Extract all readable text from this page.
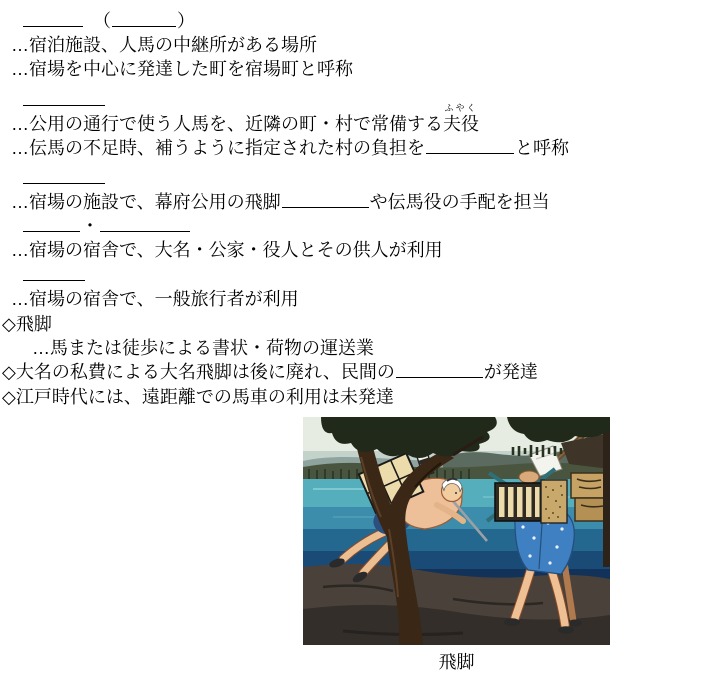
　（	）
…宿泊施設、人馬の中継所がある場所
…宿場を中心に発達した町を宿場町と呼称
…公用の通行で使う人馬を、近隣の町・村で常備する夫役
ふやく
…伝馬の不足時、補うように指定された村の負担を	と呼称
…宿場の施設で、幕府公用の飛脚	や伝馬役の手配を担当
・
…宿場の宿舎で、大名・公家・役人とその供人が利用
…宿場の宿舎で、一般旅行者が利用
◇飛脚
…馬または徒歩による書状・荷物の運送業
◇大名の私費による大名飛脚は後に廃れ、民間の	が発達
◇江戸時代には、遠距離での馬車の利用は未発達
飛脚
